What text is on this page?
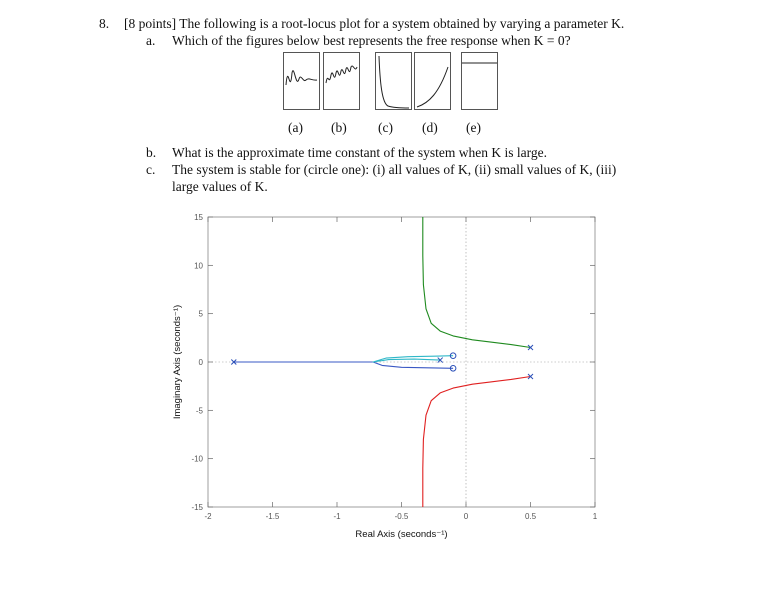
8. [8 points] The following is a root-locus plot for a system obtained by varying a parameter K.
a. Which of the figures below best represents the free response when K = 0?
(a) (b) (c) (d) (e)
b. What is the approximate time constant of the system when K is large.
c. The system is stable for (circle one): (i) all values of K, (ii) small values of K, (iii)
large values of K.
-2	-1.5	-1	-0.5	0	0.5	1
15
10
5
0
-5
-10
-15
Real Axis (seconds⁻¹)
Imaginary Axis (seconds⁻¹)
